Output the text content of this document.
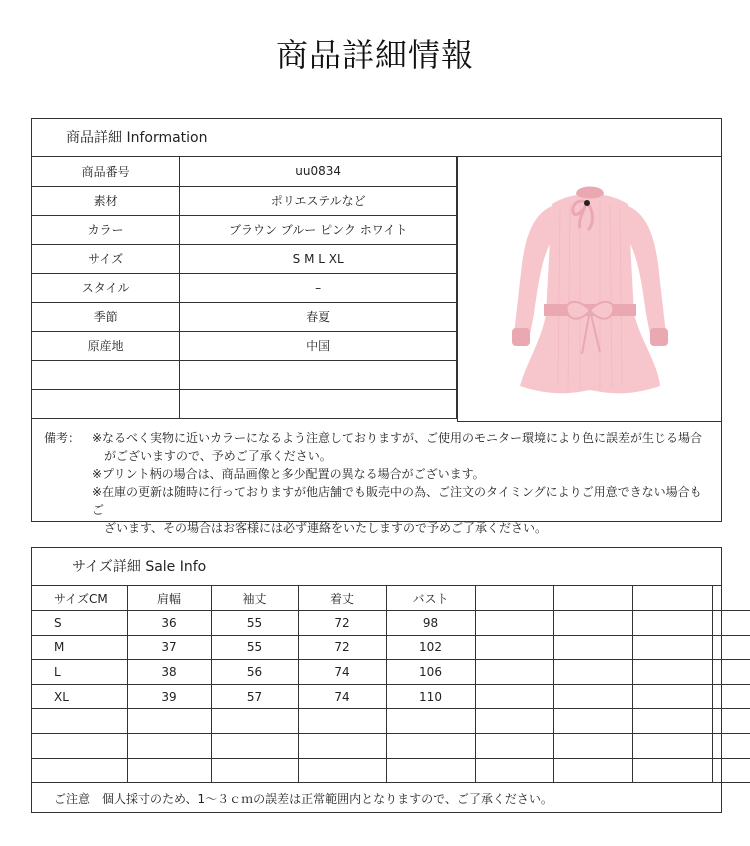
商品詳細情報
商品詳細 Information
商品番号	uu0834
素材	ポリエステルなど
カラー	ブラウン ブルー ピンク ホワイト
サイズ	S M L XL
スタイル	–
季節	春夏
原産地	中国

備考： ※なるべく実物に近いカラーになるよう注意しておりますが、ご使用のモニター環境により色に誤差が生じる場合
がございますので、予めご了承ください。
※プリント柄の場合は、商品画像と多少配置の異なる場合がございます。
※在庫の更新は随時に行っておりますが他店舗でも販売中の為、ご注文のタイミングによりご用意できない場合もご
ざいます、その場合はお客様には必ず連絡をいたしますので予めご了承ください。
サイズ詳細 Sale Info
サイズCM	肩幅	袖丈	着丈	バスト				
S	36	55	72	98				
M	37	55	72	102				
L	38	56	74	106				
XL	39	57	74	110				

ご注意　個人採寸のため、1～３ｃｍの誤差は正常範囲内となりますので、ご了承ください。
